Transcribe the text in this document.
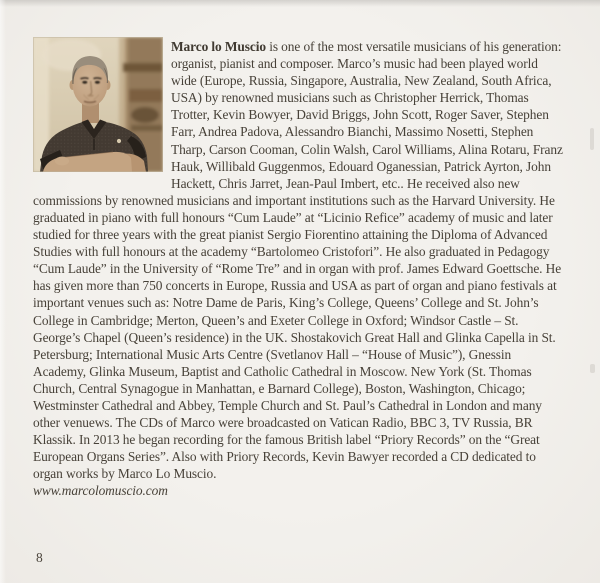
Marco lo Muscio is one of the most versatile musicians of his generation: organist, pianist and composer. Marco’s music had been played world wide (Europe, Russia, Singapore, Australia, New Zealand, South Africa, USA) by renowned musicians such as Christopher Herrick, Thomas Trotter, Kevin Bowyer, David Briggs, John Scott, Roger Saver, Stephen Farr, Andrea Padova, Alessandro Bianchi, Massimo Nosetti, Stephen Tharp, Carson Cooman, Colin Walsh, Carol Williams, Alina Rotaru, Franz Hauk, Willibald Guggenmos, Edouard Oganessian, Patrick Ayrton, John Hackett, Chris Jarret, Jean-Paul Imbert, etc.. He received also new commissions by renowned musicians and important institutions such as the Harvard University. He graduated in piano with full honours “Cum Laude” at “Licinio Refice” academy of music and later studied for three years with the great pianist Sergio Fiorentino attaining the Diploma of Advanced Studies with full honours at the academy “Bartolomeo Cristofori”. He also graduated in Pedagogy “Cum Laude” in the University of “Rome Tre” and in organ with prof. James Edward Goettsche. He has given more than 750 concerts in Europe, Russia and USA as part of organ and piano festivals at important venues such as: Notre Dame de Paris, King’s College, Queens’ College and St. John’s College in Cambridge; Merton, Queen’s and Exeter College in Oxford; Windsor Castle – St. George’s Chapel (Queen’s residence) in the UK. Shostakovich Great Hall and Glinka Capella in St. Petersburg; International Music Arts Centre (Svetlanov Hall – “House of Music”), Gnessin Academy, Glinka Museum, Baptist and Catholic Cathedral in Moscow. New York (St. Thomas Church, Central Synagogue in Manhattan, e Barnard College), Boston, Washington, Chicago; Westminster Cathedral and Abbey, Temple Church and St. Paul’s Cathedral in London and many other venuews. The CDs of Marco were broadcasted on Vatican Radio, BBC 3, TV Russia, BR Klassik. In 2013 he began recording for the famous British label “Priory Records” on the “Great European Organs Series”. Also with Priory Records, Kevin Bawyer recorded a CD dedicated to organ works by Marco Lo Muscio.

www.marcolomuscio.com

8
